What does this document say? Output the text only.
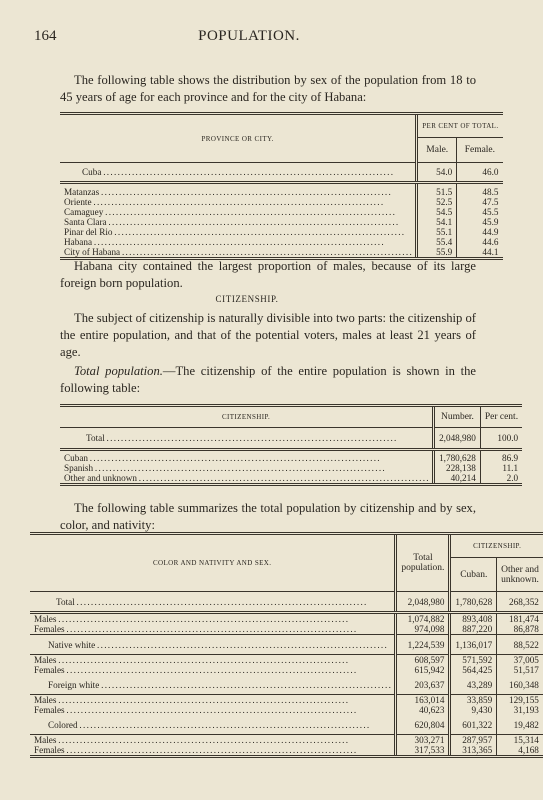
164	POPULATION.

The following table shows the distribution by sex of the population from 18 to 45 years of age for each province and for the city of Habana:

PROVINCE OR CITY.	PER CENT OF TOTAL.	
	Male.	Female.

Cuba . . .	54.0	46.0

Matanzas . . .	51.5	48.5

Oriente . . .	52.5	47.5

Camaguey . . .	54.5	45.5

Santa Clara . . .	54.1	45.9

Pinar del Rio . . .	55.1	44.9

Habana . . .	55.4	44.6

City of Habana . . .	55.9	44.1

Habana city contained the largest proportion of males, because of its large foreign born population.

CITIZENSHIP.

The subject of citizenship is naturally divisible into two parts: the citizenship of the entire population, and that of the potential voters, males at least 21 years of age.

Total population.—The citizenship of the entire population is shown in the following table:

CITIZENSHIP.	Number.	Per cent.

Total . . .	2,048,980	100.0

Cuban . . .	1,780,628	86.9

Spanish . . .	228,138	11.1

Other and unknown . . .	40,214	2.0

The following table summarizes the total population by citizenship and by sex, color, and nativity:

COLOR AND NATIVITY AND SEX.	Total population.	CITIZENSHIP.	
		Cuban.	Other and unknown.

Total . . .	2,048,980	1,780,628	268,352

Males . . .	1,074,882	893,408	181,474

Females . . .	974,098	887,220	86,878

Native white . . .	1,224,539	1,136,017	88,522

Males . . .	608,597	571,592	37,005

Females . . .	615,942	564,425	51,517

Foreign white . . .	203,637	43,289	160,348

Males . . .	163,014	33,859	129,155

Females . . .	40,623	9,430	31,193

Colored . . .	620,804	601,322	19,482

Males . . .	303,271	287,957	15,314

Females . . .	317,533	313,365	4,168
